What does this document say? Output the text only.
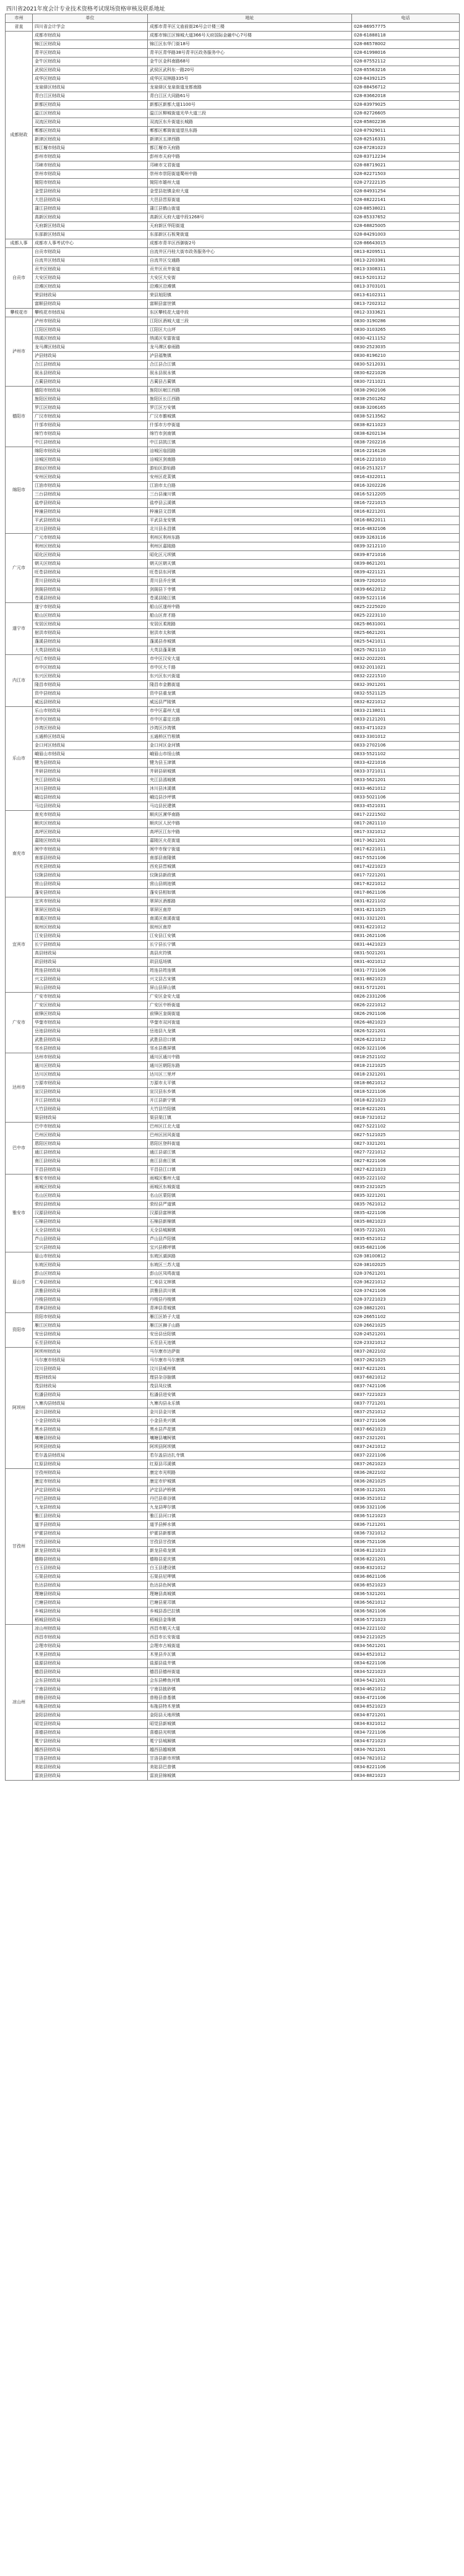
四川省2021年度会计专业技术资格考试现场资格审核及联系地址
市州	单位	地址	电话
省直	四川省会计学会	成都市青羊区文庙前街26号会计楼三楼	028-86957775
成都财政	成都市财政局	成都市锦江区锦城大道366号天府国际金融中心7号楼	028-61888118
	锦江区财政局	锦江区东华门街18号	028-86578002
	青羊区财政局	青羊区青华路38号青羊区政务服务中心	028-61998016
	金牛区财政局	金牛区金科南路68号	028-87552112
	武侯区财政局	武侯区武科东一路20号	028-85563216
	成华区财政局	成华区双林路335号	028-84392125
	龙泉驿区财政局	龙泉驿区龙泉街道龙都南路	028-88456712
	青白江区财政局	青白江区大同路61号	028-83662018
	新都区财政局	新都区新都大道1100号	028-83979025
	温江区财政局	温江区柳城街道光华大道三段	028-82726605
	双流区财政局	双流区东升街道长城路	028-85802236
	郫都区财政局	郫都区郫筒街道望丛东路	028-87929011
	新津区财政局	新津区五津西路	028-82516331
	都江堰市财政局	都江堰市天府路	028-87281023
	彭州市财政局	彭州市天府中路	028-83712234
	邛崃市财政局	邛崃市文君街道	028-88719021
	崇州市财政局	崇州市崇阳街道蜀州中路	028-82271503
	简阳市财政局	简阳市雄州大道	028-27222135
	金堂县财政局	金堂县赵镇金府大道	028-84931254
	大邑县财政局	大邑县晋原街道	028-88222141
	蒲江县财政局	蒲江县鹤山街道	028-88538021
	高新区财政局	高新区天府大道中段1268号	028-85337652
	天府新区财政局	天府新区华阳街道	028-68825005
	东部新区财政局	东部新区石板凳街道	028-84291003
成都人事	成都市人事考试中心	成都市青羊区西御街2号	028-86643015
自贡市	自贡市财政局	自流井区丹桂大街市政务服务中心	0813-8209511
	自流井区财政局	自流井区交通路	0813-2203381
	贡井区财政局	贡井区贡井街道	0813-3308311
	大安区财政局	大安区大安街	0813-5201312
	沿滩区财政局	沿滩区沿滩镇	0813-3703101
	荣县财政局	荣县旭阳镇	0813-6102311
	富顺县财政局	富顺县富世镇	0813-7202312
攀枝花市	攀枝花市财政局	东区攀枝花大道中段	0812-3333621
泸州市	泸州市财政局	江阳区酒城大道三段	0830-3190286
	江阳区财政局	江阳区大山坪	0830-3103265
	纳溪区财政局	纳溪区安富街道	0830-4211152
	龙马潭区财政局	龙马潭区春雨路	0830-2523035
	泸县财政局	泸县福集镇	0830-8196210
	合江县财政局	合江县合江镇	0830-5212031
	叙永县财政局	叙永县叙永镇	0830-6221026
	古蔺县财政局	古蔺县古蔺镇	0830-7211021
德阳市	德阳市财政局	旌阳区岷江西路	0838-2902106
	旌阳区财政局	旌阳区长江西路	0838-2501262
	罗江区财政局	罗江区万安镇	0838-3206165
	广汉市财政局	广汉市雒城镇	0838-5213562
	什邡市财政局	什邡市方亭街道	0838-8211023
	绵竹市财政局	绵竹市剑南镇	0838-6202134
	中江县财政局	中江县凯江镇	0838-7202216
绵阳市	绵阳市财政局	涪城区临园路	0816-2216126
	涪城区财政局	涪城区剑南路	0816-2221010
	游仙区财政局	游仙区游仙路	0816-2513217
	安州区财政局	安州区花荄镇	0816-4322011
	江油市财政局	江油市太白路	0816-3202226
	三台县财政局	三台县潼川镇	0816-5212205
	盐亭县财政局	盐亭县云溪镇	0816-7221015
	梓潼县财政局	梓潼县文昌镇	0816-8221201
	平武县财政局	平武县龙安镇	0816-8822011
	北川县财政局	北川县永昌镇	0816-4832106
广元市	广元市财政局	利州区利州东路	0839-3263116
	利州区财政局	利州区嘉陵路	0839-3212110
	昭化区财政局	昭化区元坝镇	0839-8721016
	朝天区财政局	朝天区朝天镇	0839-8621201
	旺苍县财政局	旺苍县东河镇	0839-4221121
	青川县财政局	青川县乔庄镇	0839-7202010
	剑阁县财政局	剑阁县下寺镇	0839-6622012
	苍溪县财政局	苍溪县陵江镇	0839-5221116
遂宁市	遂宁市财政局	船山区遂州中路	0825-2225020
	船山区财政局	船山区育才路	0825-2223110
	安居区财政局	安居区柔刚路	0825-8631001
	射洪市财政局	射洪市太和镇	0825-6621201
	蓬溪县财政局	蓬溪县赤城镇	0825-5421011
	大英县财政局	大英县蓬莱镇	0825-7821110
内江市	内江市财政局	市中区汉安大道	0832-2022201
	市中区财政局	市中区大千路	0832-2011021
	东兴区财政局	东兴区东兴街道	0832-2221510
	隆昌市财政局	隆昌市金鹅街道	0832-3921201
	资中县财政局	资中县重龙镇	0832-5521125
	威远县财政局	威远县严陵镇	0832-8221012
乐山市	乐山市财政局	市中区嘉州大道	0833-2138011
	市中区财政局	市中区嘉定北路	0833-2121201
	沙湾区财政局	沙湾区沙湾镇	0833-4711023
	五通桥区财政局	五通桥区竹根镇	0833-3301012
	金口河区财政局	金口河区金河镇	0833-2702106
	峨眉山市财政局	峨眉山市绥山镇	0833-5521102
	犍为县财政局	犍为县玉津镇	0833-4221016
	井研县财政局	井研县研城镇	0833-3721011
	夹江县财政局	夹江县漹城镇	0833-5621201
	沐川县财政局	沐川县沐溪镇	0833-4621012
	峨边县财政局	峨边县沙坪镇	0833-5021106
	马边县财政局	马边县民建镇	0833-4521031
南充市	南充市财政局	顺庆区潆华南路	0817-2221502
	顺庆区财政局	顺庆区人民中路	0817-2821110
	高坪区财政局	高坪区江东中路	0817-3321012
	嘉陵区财政局	嘉陵区火花街道	0817-3621201
	阆中市财政局	阆中市保宁街道	0817-6221011
	南部县财政局	南部县南隆镇	0817-5521106
	西充县财政局	西充县晋城镇	0817-4221023
	仪陇县财政局	仪陇县新政镇	0817-7221201
	营山县财政局	营山县朗池镇	0817-8221012
	蓬安县财政局	蓬安县相如镇	0817-8621106
宜宾市	宜宾市财政局	翠屏区酒都路	0831-8221102
	翠屏区财政局	翠屏区南岸	0831-8211025
	南溪区财政局	南溪区南溪街道	0831-3321201
	叙州区财政局	叙州区南岸	0831-6221012
	江安县财政局	江安县江安镇	0831-2621106
	长宁县财政局	长宁县长宁镇	0831-4421023
	高县财政局	高县庆符镇	0831-5021201
	珙县财政局	珙县巡场镇	0831-4021012
	筠连县财政局	筠连县筠连镇	0831-7721106
	兴文县财政局	兴文县古宋镇	0831-8821023
	屏山县财政局	屏山县屏山镇	0831-5721201
广安市	广安市财政局	广安区金安大道	0826-2331206
	广安区财政局	广安区中桥街道	0826-2221012
	前锋区财政局	前锋区奎阁街道	0826-2921106
	华蓥市财政局	华蓥市双河街道	0826-4821023
	岳池县财政局	岳池县九龙镇	0826-5221201
	武胜县财政局	武胜县沿口镇	0826-6221012
	邻水县财政局	邻水县鼎屏镇	0826-3221106
达州市	达州市财政局	通川区通川中路	0818-2521102
	通川区财政局	通川区朝阳东路	0818-2121025
	达川区财政局	达川区三里坪	0818-2321201
	万源市财政局	万源市太平镇	0818-8621012
	宣汉县财政局	宣汉县东乡镇	0818-5221106
	开江县财政局	开江县新宁镇	0818-8221023
	大竹县财政局	大竹县竹阳镇	0818-6221201
	渠县财政局	渠县渠江镇	0818-7321012
巴中市	巴中市财政局	巴州区江北大道	0827-5221102
	巴州区财政局	巴州区回风街道	0827-5121025
	恩阳区财政局	恩阳区登科街道	0827-3321201
	通江县财政局	通江县诺江镇	0827-7221012
	南江县财政局	南江县南江镇	0827-8221106
	平昌县财政局	平昌县江口镇	0827-6221023
雅安市	雅安市财政局	雨城区雅州大道	0835-2221102
	雨城区财政局	雨城区东城街道	0835-2321025
	名山区财政局	名山区蒙阳镇	0835-3221201
	荥经县财政局	荥经县严道镇	0835-7621012
	汉源县财政局	汉源县富林镇	0835-4221106
	石棉县财政局	石棉县新棉镇	0835-8821023
	天全县财政局	天全县城厢镇	0835-7221201
	芦山县财政局	芦山县芦阳镇	0835-6521012
	宝兴县财政局	宝兴县穆坪镇	0835-6821106
眉山市	眉山市财政局	东坡区湖滨路	028-38100812
	东坡区财政局	东坡区三苏大道	028-38102025
	彭山区财政局	彭山区凤鸣街道	028-37621201
	仁寿县财政局	仁寿县文林镇	028-36221012
	洪雅县财政局	洪雅县洪川镇	028-37421106
	丹棱县财政局	丹棱县丹棱镇	028-37221023
	青神县财政局	青神县青城镇	028-38821201
资阳市	资阳市财政局	雁江区娇子大道	028-26651102
	雁江区财政局	雁江区狮子山路	028-26621025
	安岳县财政局	安岳县岳阳镇	028-24521201
	乐至县财政局	乐至县天池镇	028-23321012
阿坝州	阿坝州财政局	马尔康市达萨街	0837-2822102
	马尔康市财政局	马尔康市马尔康镇	0837-2821025
	汶川县财政局	汶川县威州镇	0837-6221201
	理县财政局	理县杂谷脑镇	0837-6821012
	茂县财政局	茂县凤仪镇	0837-7421106
	松潘县财政局	松潘县进安镇	0837-7221023
	九寨沟县财政局	九寨沟县永乐镇	0837-7721201
	金川县财政局	金川县金川镇	0837-2521012
	小金县财政局	小金县美兴镇	0837-2721106
	黑水县财政局	黑水县芦花镇	0837-6621023
	壤塘县财政局	壤塘县壤柯镇	0837-2321201
	阿坝县财政局	阿坝县阿坝镇	0837-2421012
	若尔盖县财政局	若尔盖县达扎寺镇	0837-2221106
	红原县财政局	红原县邛溪镇	0837-2621023
甘孜州	甘孜州财政局	康定市光明路	0836-2822102
	康定市财政局	康定市炉城镇	0836-2821025
	泸定县财政局	泸定县泸桥镇	0836-3121201
	丹巴县财政局	丹巴县章谷镇	0836-3521012
	九龙县财政局	九龙县呷尔镇	0836-3321106
	雅江县财政局	雅江县河口镇	0836-5121023
	道孚县财政局	道孚县鲜水镇	0836-7121201
	炉霍县财政局	炉霍县新都镇	0836-7321012
	甘孜县财政局	甘孜县甘孜镇	0836-7521106
	新龙县财政局	新龙县茹龙镇	0836-8121023
	德格县财政局	德格县更庆镇	0836-8221201
	白玉县财政局	白玉县建设镇	0836-8321012
	石渠县财政局	石渠县尼呷镇	0836-8621106
	色达县财政局	色达县色柯镇	0836-8521023
	理塘县财政局	理塘县高城镇	0836-5321201
	巴塘县财政局	巴塘县夏邛镇	0836-5621012
	乡城县财政局	乡城县香巴拉镇	0836-5821106
	稻城县财政局	稻城县金珠镇	0836-5721023
凉山州	凉山州财政局	西昌市航天大道	0834-2221102
	西昌市财政局	西昌市长安街道	0834-2121025
	会理市财政局	会理市古城街道	0834-5621201
	木里县财政局	木里县乔瓦镇	0834-6521012
	盐源县财政局	盐源县盐井镇	0834-6221106
	德昌县财政局	德昌县德州街道	0834-5221023
	会东县财政局	会东县鲹鱼河镇	0834-5421201
	宁南县财政局	宁南县披砂镇	0834-4621012
	普格县财政局	普格县普基镇	0834-4721106
	布拖县财政局	布拖县特木里镇	0834-8521023
	金阳县财政局	金阳县天地坝镇	0834-8721201
	昭觉县财政局	昭觉县新城镇	0834-8321012
	喜德县财政局	喜德县光明镇	0834-7221106
	冕宁县财政局	冕宁县城厢镇	0834-6721023
	越西县财政局	越西县越城镇	0834-7621201
	甘洛县财政局	甘洛县新市坝镇	0834-7821012
	美姑县财政局	美姑县巴普镇	0834-8221106
	雷波县财政局	雷波县锦城镇	0834-8821023
